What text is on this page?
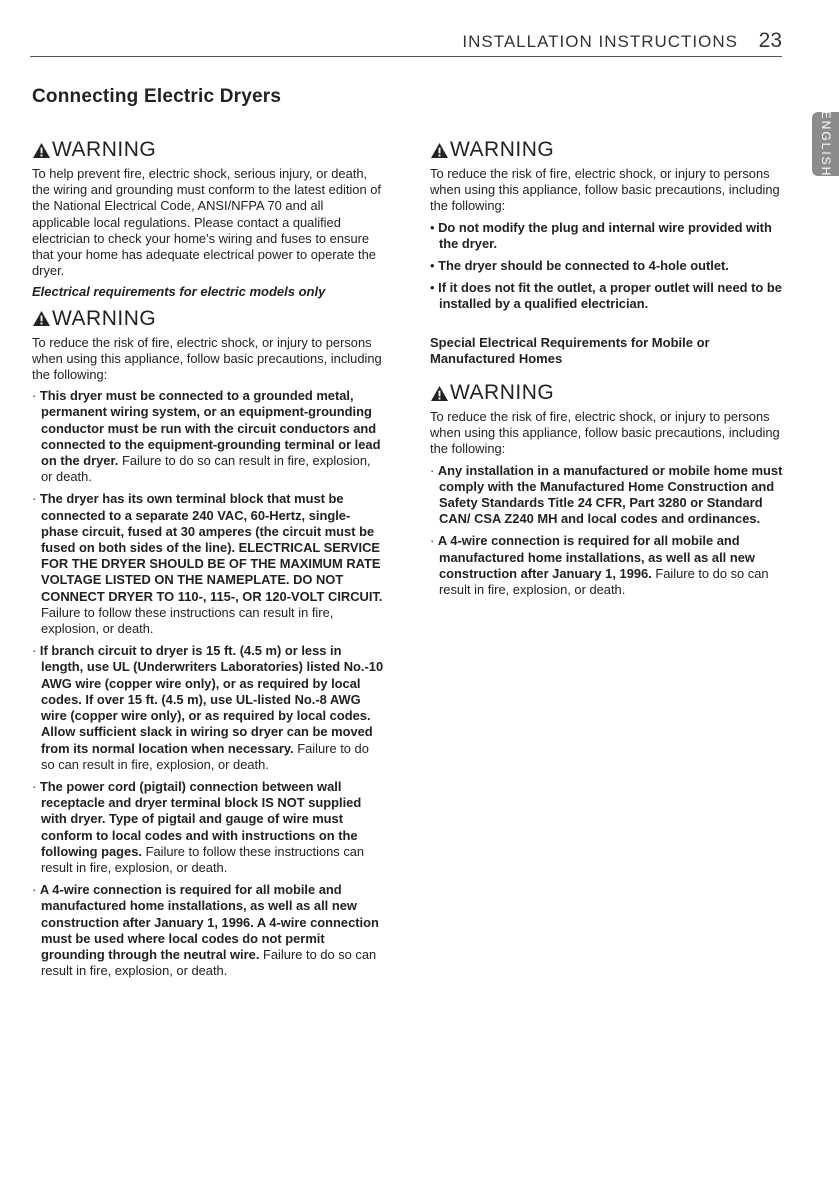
INSTALLATION INSTRUCTIONS 23
Connecting Electric Dryers
ENGLISH
WARNING

To help prevent fire, electric shock, serious injury, or death, the wiring and grounding must conform to the latest edition of the National Electrical Code, ANSI/NFPA 70 and all applicable local regulations. Please contact a qualified electrician to check your home's wiring and fuses to ensure that your home has adequate electrical power to operate the dryer.

Electrical requirements for electric models only
WARNING

To reduce the risk of fire, electric shock, or injury to persons when using this appliance, follow basic precautions, including the following:

· This dryer must be connected to a grounded metal, permanent wiring system, or an equipment-grounding conductor must be run with the circuit conductors and connected to the equipment-grounding terminal or lead on the dryer. Failure to do so can result in fire, explosion, or death.

· The dryer has its own terminal block that must be connected to a separate 240 VAC, 60-Hertz, single-phase circuit, fused at 30 amperes (the circuit must be fused on both sides of the line). ELECTRICAL SERVICE FOR THE DRYER SHOULD BE OF THE MAXIMUM RATE VOLTAGE LISTED ON THE NAMEPLATE. DO NOT CONNECT DRYER TO 110-, 115-, OR 120-VOLT CIRCUIT. Failure to follow these instructions can result in fire, explosion, or death.

· If branch circuit to dryer is 15 ft. (4.5 m) or less in length, use UL (Underwriters Laboratories) listed No.-10 AWG wire (copper wire only), or as required by local codes. If over 15 ft. (4.5 m), use UL-listed No.-8 AWG wire (copper wire only), or as required by local codes. Allow sufficient slack in wiring so dryer can be moved from its normal location when necessary. Failure to do so can result in fire, explosion, or death.

· The power cord (pigtail) connection between wall receptacle and dryer terminal block IS NOT supplied with dryer. Type of pigtail and gauge of wire must conform to local codes and with instructions on the following pages. Failure to follow these instructions can result in fire, explosion, or death.

· A 4-wire connection is required for all mobile and manufactured home installations, as well as all new construction after January 1, 1996. A 4-wire connection must be used where local codes do not permit grounding through the neutral wire. Failure to do so can result in fire, explosion, or death.

WARNING

To reduce the risk of fire, electric shock, or injury to persons when using this appliance, follow basic precautions, including the following:

• Do not modify the plug and internal wire provided with the dryer.

• The dryer should be connected to 4-hole outlet.

• If it does not fit the outlet, a proper outlet will need to be installed by a qualified electrician.

Special Electrical Requirements for Mobile or Manufactured Homes
WARNING

To reduce the risk of fire, electric shock, or injury to persons when using this appliance, follow basic precautions, including the following:

· Any installation in a manufactured or mobile home must comply with the Manufactured Home Construction and Safety Standards Title 24 CFR, Part 3280 or Standard CAN/ CSA Z240 MH and local codes and ordinances.

· A 4-wire connection is required for all mobile and manufactured home installations, as well as all new construction after January 1, 1996. Failure to do so can result in fire, explosion, or death.
